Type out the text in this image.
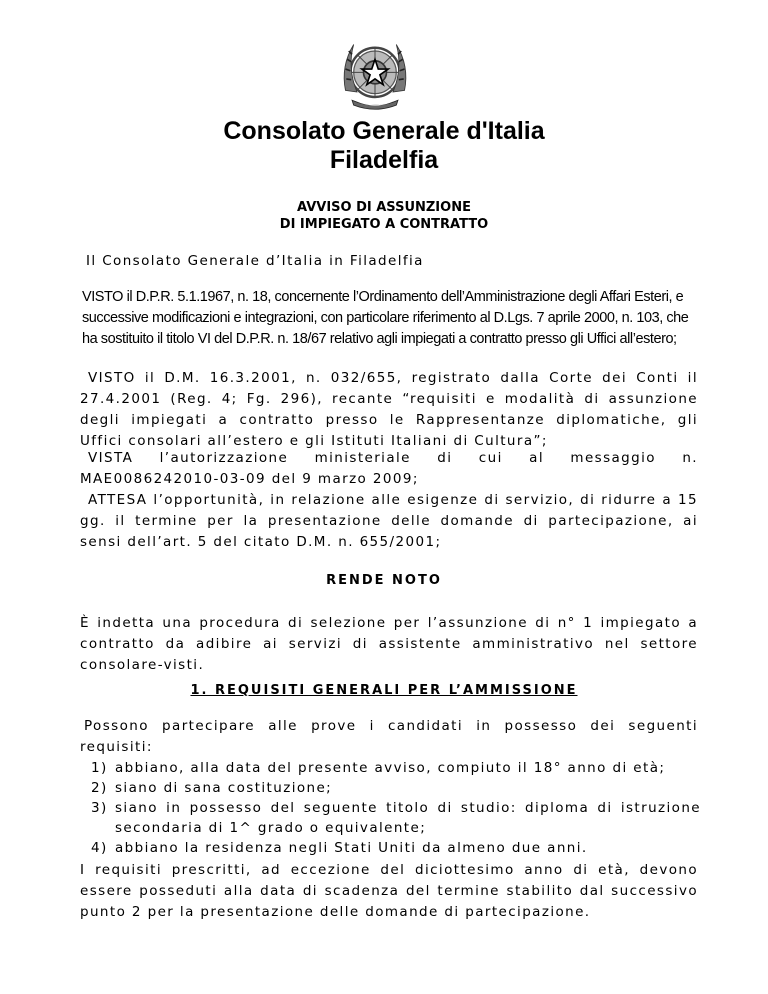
Consolato Generale d'Italia
Filadelfia
AVVISO DI ASSUNZIONE
DI IMPIEGATO A CONTRATTO
Il Consolato Generale d’Italia in Filadelfia
VISTO il D.P.R. 5.1.1967, n. 18, concernente l’Ordinamento dell’Amministrazione degli Affari Esteri, e successive modificazioni e integrazioni, con particolare riferimento al D.Lgs. 7 aprile 2000, n. 103, che ha sostituito il titolo VI del D.P.R. n. 18/67 relativo agli impiegati a contratto presso gli Uffici all’estero;
VISTO il D.M. 16.3.2001, n. 032/655, registrato dalla Corte dei Conti il 27.4.2001 (Reg. 4; Fg. 296), recante “requisiti e modalità di assunzione degli impiegati a contratto presso le Rappresentanze diplomatiche, gli Uffici consolari all’estero e gli Istituti Italiani di Cultura”;
VISTA l’autorizzazione ministeriale di cui al messaggio n. MAE0086242010-03-09 del 9 marzo 2009;
ATTESA l’opportunità, in relazione alle esigenze di servizio, di ridurre a 15 gg. il termine per la presentazione delle domande di partecipazione, ai sensi dell’art. 5 del citato D.M. n. 655/2001;
RENDE NOTO
È indetta una procedura di selezione per l’assunzione di n° 1 impiegato a contratto da adibire ai servizi di assistente amministrativo nel settore consolare-visti.
1. REQUISITI GENERALI PER L’AMMISSIONE
Possono partecipare alle prove i candidati in possesso dei seguenti requisiti:
1) abbiano, alla data del presente avviso, compiuto il 18° anno di età;
2) siano di sana costituzione;
3) siano in possesso del seguente titolo di studio: diploma di istruzione secondaria di 1^ grado o equivalente;
4) abbiano la residenza negli Stati Uniti da almeno due anni.
I requisiti prescritti, ad eccezione del diciottesimo anno di età, devono essere posseduti alla data di scadenza del termine stabilito dal successivo punto 2 per la presentazione delle domande di partecipazione.
